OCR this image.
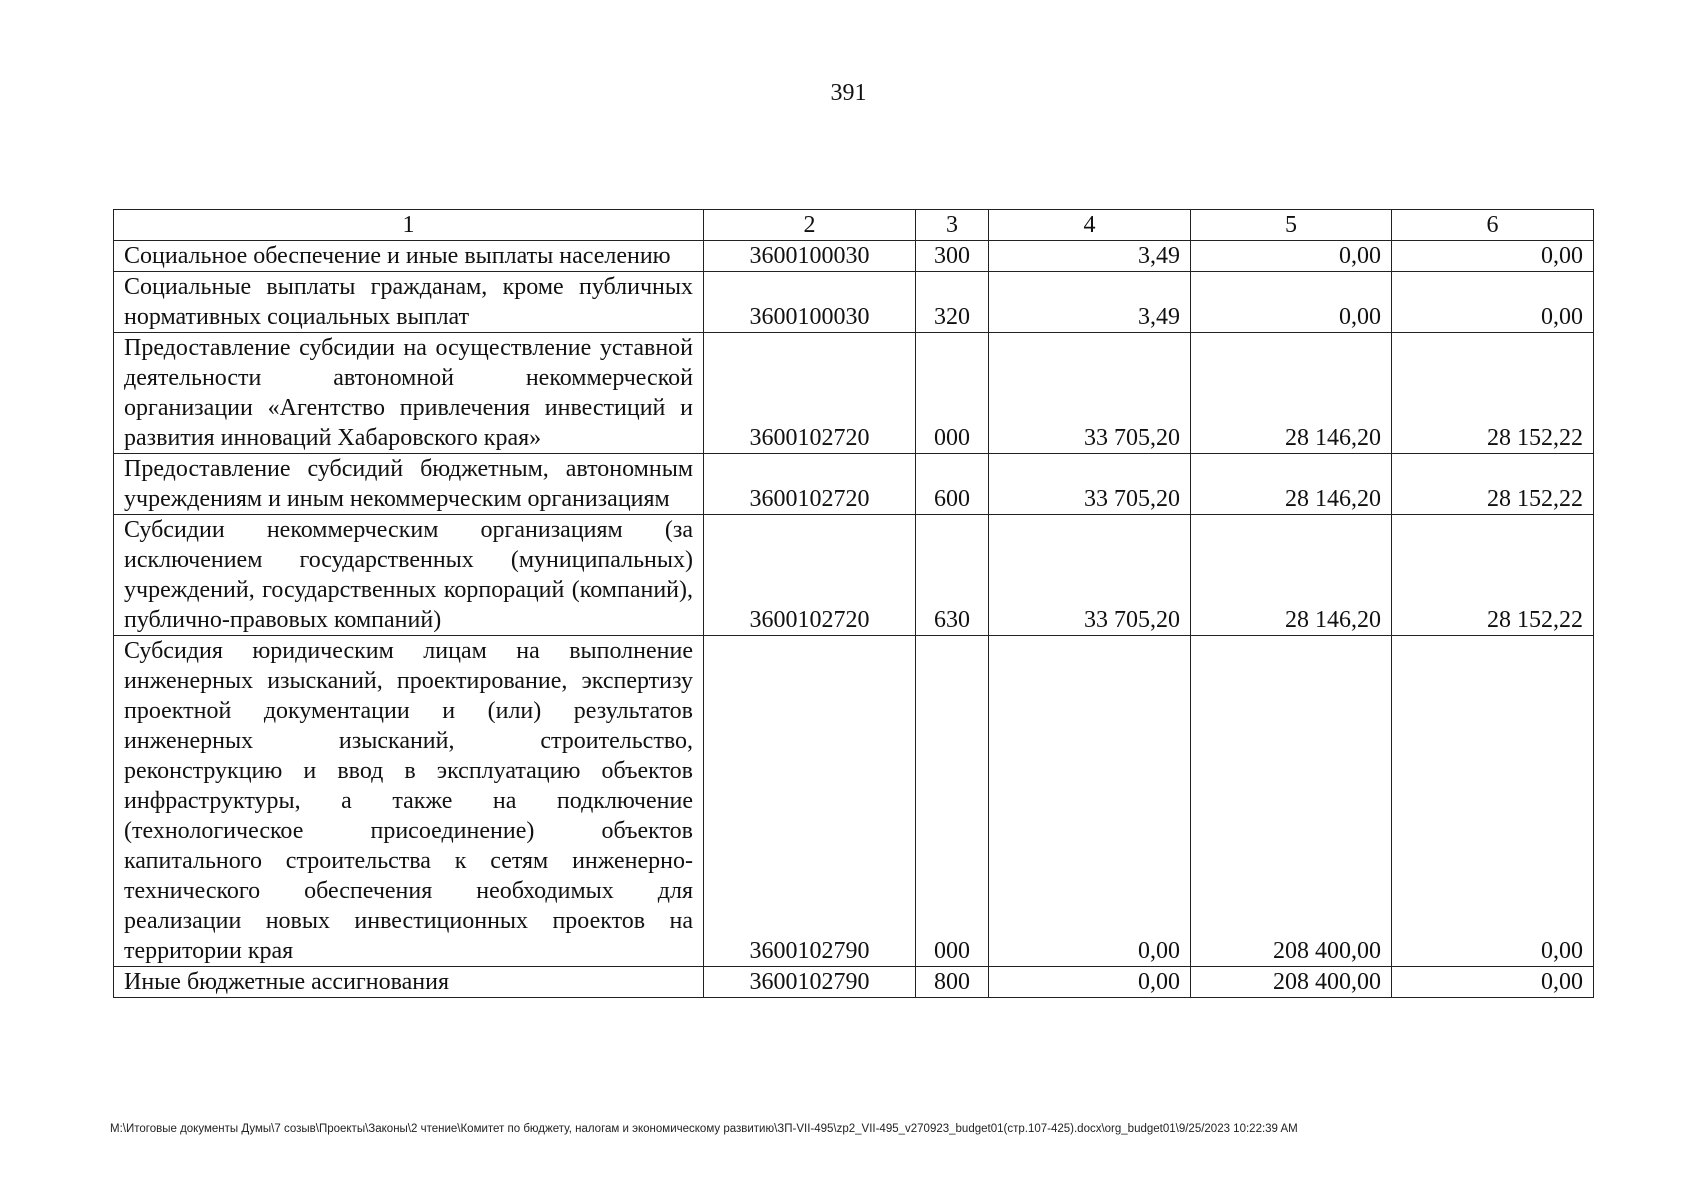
391
1	2	3	4	5	6
Социальное обеспечение и иные выплаты населению	3600100030	300	3,49	0,00	0,00
Социальные выплаты гражданам, кроме публичных нормативных социальных выплат	3600100030	320	3,49	0,00	0,00
Предоставление субсидии на осуществление уставной деятельности автономной некоммерческой организации «Агентство привлечения инвестиций и развития инноваций Хабаровского края»	3600102720	000	33 705,20	28 146,20	28 152,22
Предоставление субсидий бюджетным, автономным учреждениям и иным некоммерческим организациям	3600102720	600	33 705,20	28 146,20	28 152,22
Субсидии некоммерческим организациям (за исключением государственных (муниципальных) учреждений, государственных корпораций (компаний), публично-правовых компаний)	3600102720	630	33 705,20	28 146,20	28 152,22
Субсидия юридическим лицам на выполнение инженерных изысканий, проектирование, экспертизу проектной документации и (или) результатов инженерных изысканий, строительство, реконструкцию и ввод в эксплуатацию объектов инфраструктуры, а также на подключение (технологическое присоединение) объектов капитального строительства к сетям инженерно-технического обеспечения необходимых для реализации новых инвестиционных проектов на территории края	3600102790	000	0,00	208 400,00	0,00
Иные бюджетные ассигнования	3600102790	800	0,00	208 400,00	0,00
M:\Итоговые документы Думы\7 созыв\Проекты\Законы\2 чтение\Комитет по бюджету, налогам и экономическому развитию\ЗП-VII-495\zp2_VII-495_v270923_budget01(стр.107-425).docx\org_budget01\9/25/2023 10:22:39 AM
